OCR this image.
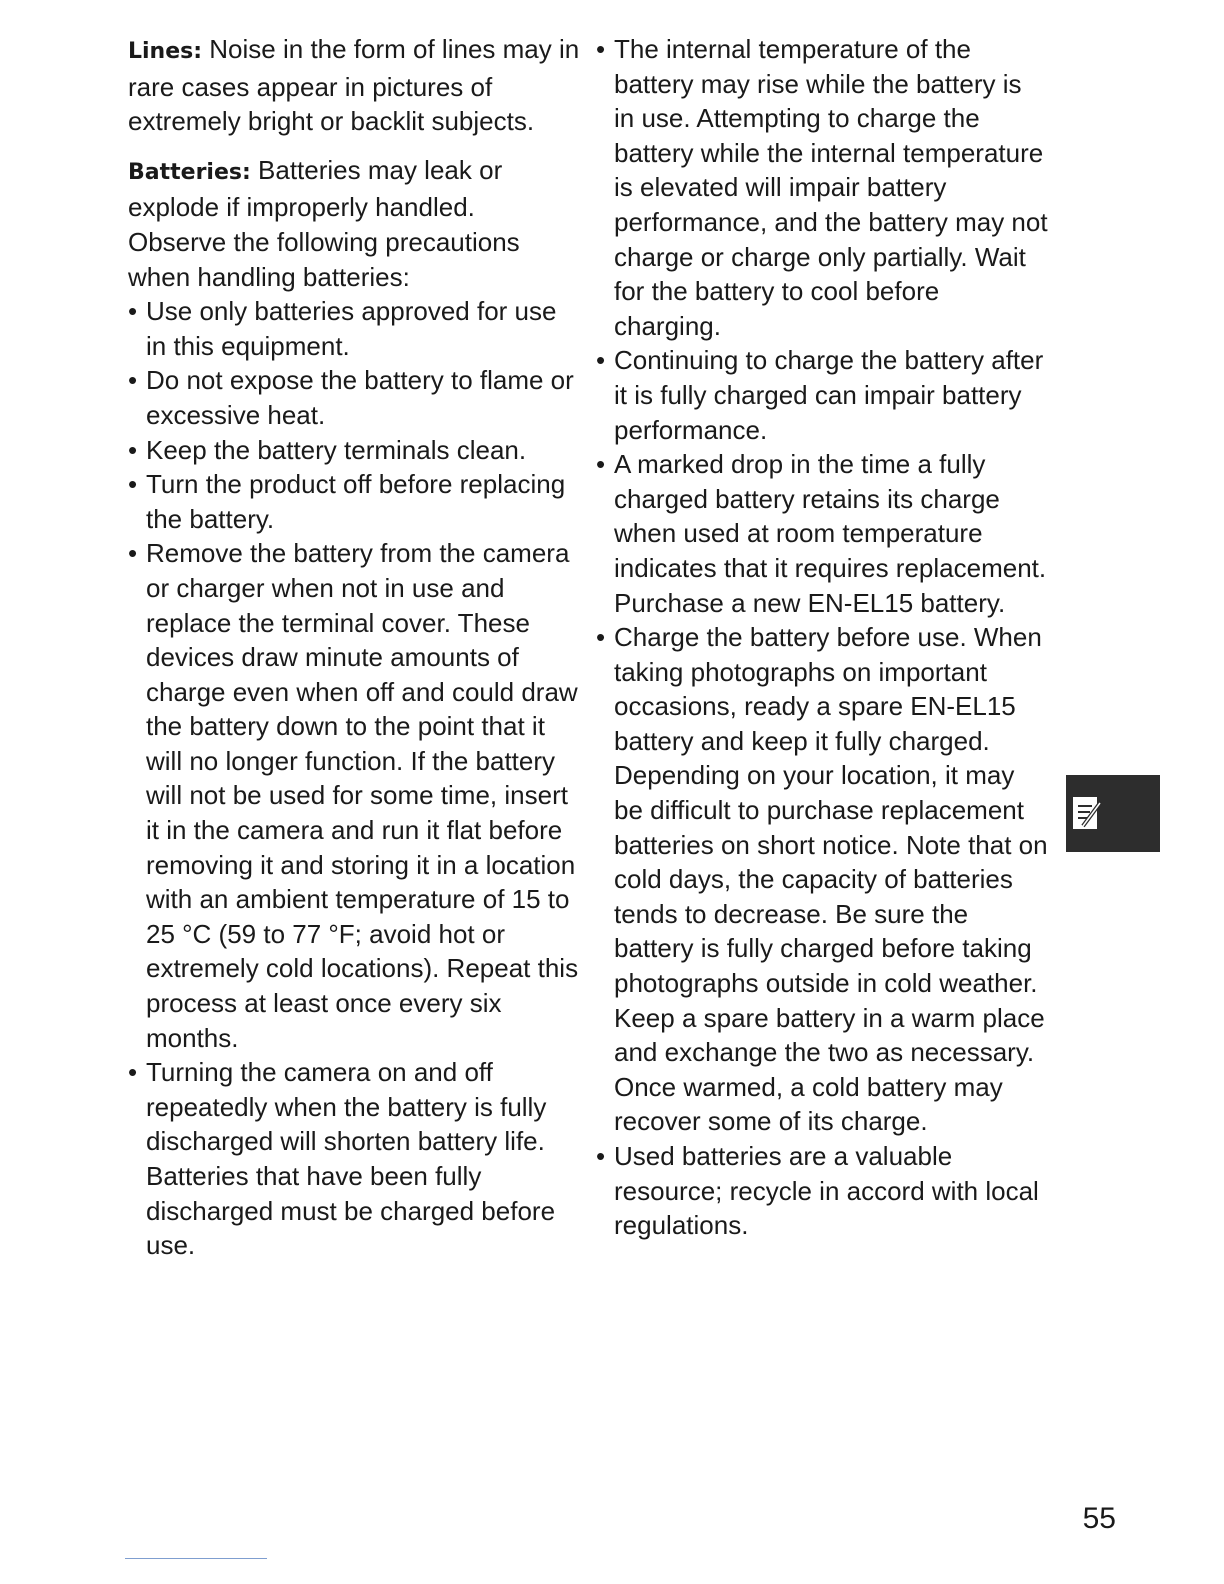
Lines: Noise in the form of lines may in rare cases appear in pictures of extremely bright or backlit subjects.

Batteries: Batteries may leak or explode if improperly handled. Observe the following precautions when handling batteries:

• Use only batteries approved for use in this equipment.
• Do not expose the battery to flame or excessive heat.
• Keep the battery terminals clean.
• Turn the product off before replacing the battery.
• Remove the battery from the camera or charger when not in use and replace the terminal cover. These devices draw minute amounts of charge even when off and could draw the battery down to the point that it will no longer function. If the battery will not be used for some time, insert it in the camera and run it flat before removing it and storing it in a location with an ambient temperature of 15 to 25 °C (59 to 77 °F; avoid hot or extremely cold locations). Repeat this process at least once every six months.
• Turning the camera on and off repeatedly when the battery is fully discharged will shorten battery life. Batteries that have been fully discharged must be charged before use.
• The internal temperature of the battery may rise while the battery is in use. Attempting to charge the battery while the internal temperature is elevated will impair battery performance, and the battery may not charge or charge only partially. Wait for the battery to cool before charging.
• Continuing to charge the battery after it is fully charged can impair battery performance.
• A marked drop in the time a fully charged battery retains its charge when used at room temperature indicates that it requires replacement. Purchase a new EN-EL15 battery.
• Charge the battery before use. When taking photographs on important occasions, ready a spare EN-EL15 battery and keep it fully charged. Depending on your location, it may be difficult to purchase replacement batteries on short notice. Note that on cold days, the capacity of batteries tends to decrease. Be sure the battery is fully charged before taking photographs outside in cold weather. Keep a spare battery in a warm place and exchange the two as necessary. Once warmed, a cold battery may recover some of its charge.
• Used batteries are a valuable resource; recycle in accord with local regulations.
55
